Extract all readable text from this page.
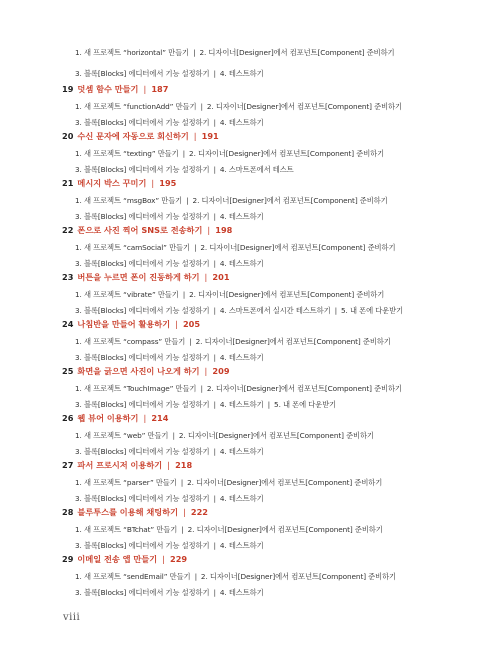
1. 새 프로젝트 “horizontal” 만들기 ❘ 2. 디자이너[Designer]에서 컴포넌트[Component] 준비하기
3. 블록[Blocks] 에디터에서 기능 설정하기 ❘ 4. 테스트하기
19 덧셈 함수 만들기 ❘ 187
1. 새 프로젝트 “functionAdd” 만들기 ❘ 2. 디자이너[Designer]에서 컴포넌트[Component] 준비하기
3. 블록[Blocks] 에디터에서 기능 설정하기 ❘ 4. 테스트하기
20 수신 문자에 자동으로 회신하기 ❘ 191
1. 새 프로젝트 “texting” 만들기 ❘ 2. 디자이너[Designer]에서 컴포넌트[Component] 준비하기
3. 블록[Blocks] 에디터에서 기능 설정하기 ❘ 4. 스마트폰에서 테스트
21 메시지 박스 꾸미기 ❘ 195
1. 새 프로젝트 “msgBox” 만들기 ❘ 2. 디자이너[Designer]에서 컴포넌트[Component] 준비하기
3. 블록[Blocks] 에디터에서 기능 설정하기 ❘ 4. 테스트하기
22 폰으로 사진 찍어 SNS로 전송하기 ❘ 198
1. 새 프로젝트 “camSocial” 만들기 ❘ 2. 디자이너[Designer]에서 컴포넌트[Component] 준비하기
3. 블록[Blocks] 에디터에서 기능 설정하기 ❘ 4. 테스트하기
23 버튼을 누르면 폰이 진동하게 하기 ❘ 201
1. 새 프로젝트 “vibrate” 만들기 ❘ 2. 디자이너[Designer]에서 컴포넌트[Component] 준비하기
3. 블록[Blocks] 에디터에서 기능 설정하기 ❘ 4. 스마트폰에서 실시간 테스트하기 ❘ 5. 내 폰에 다운받기
24 나침반을 만들어 활용하기 ❘ 205
1. 새 프로젝트 “compass” 만들기 ❘ 2. 디자이너[Designer]에서 컴포넌트[Component] 준비하기
3. 블록[Blocks] 에디터에서 기능 설정하기 ❘ 4. 테스트하기
25 화면을 긁으면 사진이 나오게 하기 ❘ 209
1. 새 프로젝트 “TouchImage” 만들기 ❘ 2. 디자이너[Designer]에서 컴포넌트[Component] 준비하기
3. 블록[Blocks] 에디터에서 기능 설정하기 ❘ 4. 테스트하기 ❘ 5. 내 폰에 다운받기
26 웹 뷰어 이용하기 ❘ 214
1. 새 프로젝트 “web” 만들기 ❘ 2. 디자이너[Designer]에서 컴포넌트[Component] 준비하기
3. 블록[Blocks] 에디터에서 기능 설정하기 ❘ 4. 테스트하기
27 파서 프로시저 이용하기 ❘ 218
1. 새 프로젝트 “parser” 만들기 ❘ 2. 디자이너[Designer]에서 컴포넌트[Component] 준비하기
3. 블록[Blocks] 에디터에서 기능 설정하기 ❘ 4. 테스트하기
28 블루투스를 이용해 채팅하기 ❘ 222
1. 새 프로젝트 “BTchat” 만들기 ❘ 2. 디자이너[Designer]에서 컴포넌트[Component] 준비하기
3. 블록[Blocks] 에디터에서 기능 설정하기 ❘ 4. 테스트하기
29 이메일 전송 앱 만들기 ❘ 229
1. 새 프로젝트 “sendEmail” 만들기 ❘ 2. 디자이너[Designer]에서 컴포넌트[Component] 준비하기
3. 블록[Blocks] 에디터에서 기능 설정하기 ❘ 4. 테스트하기
viii
